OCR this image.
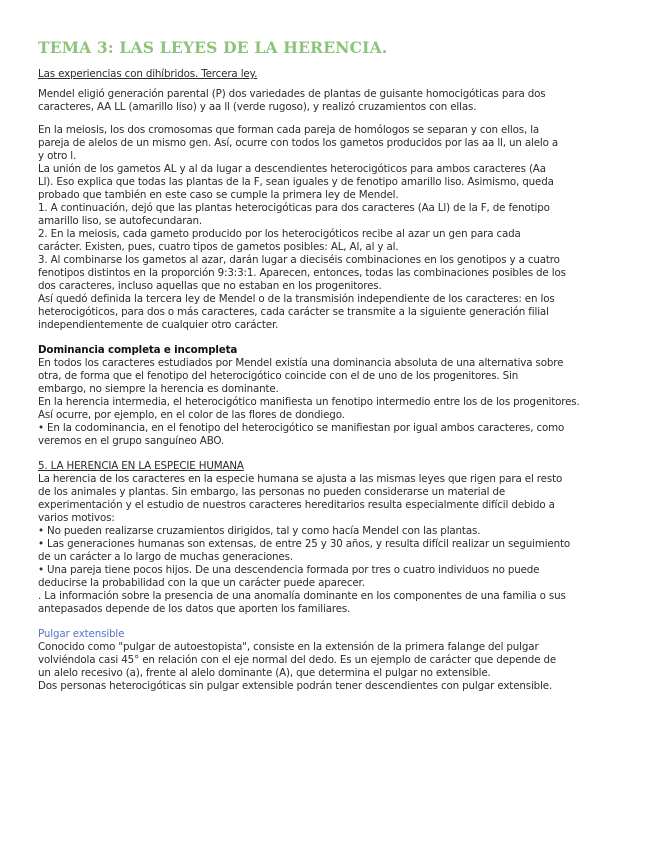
TEMA 3: LAS LEYES DE LA HERENCIA.
Las experiencias con dihíbridos. Tercera ley.
Mendel eligió generación parental (P) dos variedades de plantas de guisante homocigóticas para dos
caracteres, AA LL (amarillo liso) y aa ll (verde rugoso), y realizó cruzamientos con ellas.
En la meiosis, los dos cromosomas que forman cada pareja de homólogos se separan y con ellos, la
pareja de alelos de un mismo gen. Así, ocurre con todos los gametos producidos por las aa ll, un alelo a
y otro l.
La unión de los gametos AL y al da lugar a descendientes heterocigóticos para ambos caracteres (Aa
Ll). Eso explica que todas las plantas de la F, sean iguales y de fenotipo amarillo liso. Asimismo, queda
probado que también en este caso se cumple la primera ley de Mendel.
1. A continuación, dejó que las plantas heterocigóticas para dos caracteres (Aa Ll) de la F, de fenotipo
amarillo liso, se autofecundaran.
2. En la meiosis, cada gameto producido por los heterocigóticos recibe al azar un gen para cada
carácter. Existen, pues, cuatro tipos de gametos posibles: AL, Al, al y al.
3. Al combinarse los gametos al azar, darán lugar a dieciséis combinaciones en los genotipos y a cuatro
fenotipos distintos en la proporción 9:3:3:1. Aparecen, entonces, todas las combinaciones posibles de los
dos caracteres, incluso aquellas que no estaban en los progenitores.
Así quedó definida la tercera ley de Mendel o de la transmisión independiente de los caracteres: en los
heterocigóticos, para dos o más caracteres, cada carácter se transmite a la siguiente generación filial
independientemente de cualquier otro carácter.
Dominancia completa e incompleta
En todos los caracteres estudiados por Mendel existía una dominancia absoluta de una alternativa sobre
otra, de forma que el fenotipo del heterocigótico coincide con el de uno de los progenitores. Sin
embargo, no siempre la herencia es dominante.
En la herencia intermedia, el heterocigótico manifiesta un fenotipo intermedio entre los de los progenitores.
Así ocurre, por ejemplo, en el color de las flores de dondiego.
• En la codominancia, en el fenotipo del heterocigótico se manifiestan por igual ambos caracteres, como
veremos en el grupo sanguíneo ABO.
5. LA HERENCIA EN LA ESPECIE HUMANA
La herencia de los caracteres en la especie humana se ajusta a las mismas leyes que rigen para el resto
de los animales y plantas. Sin embargo, las personas no pueden considerarse un material de
experimentación y el estudio de nuestros caracteres hereditarios resulta especialmente difícil debido a
varios motivos:
• No pueden realizarse cruzamientos dirigidos, tal y como hacía Mendel con las plantas.
• Las generaciones humanas son extensas, de entre 25 y 30 años, y resulta difícil realizar un seguimiento
de un carácter a lo largo de muchas generaciones.
• Una pareja tiene pocos hijos. De una descendencia formada por tres o cuatro individuos no puede
deducirse la probabilidad con la que un carácter puede aparecer.
. La información sobre la presencia de una anomalía dominante en los componentes de una familia o sus
antepasados depende de los datos que aporten los familiares.
Pulgar extensible
Conocido como "pulgar de autoestopista", consiste en la extensión de la primera falange del pulgar
volviéndola casi 45° en relación con el eje normal del dedo. Es un ejemplo de carácter que depende de
un alelo recesivo (a), frente al alelo dominante (A), que determina el pulgar no extensible.
Dos personas heterocigóticas sin pulgar extensible podrán tener descendientes con pulgar extensible.
